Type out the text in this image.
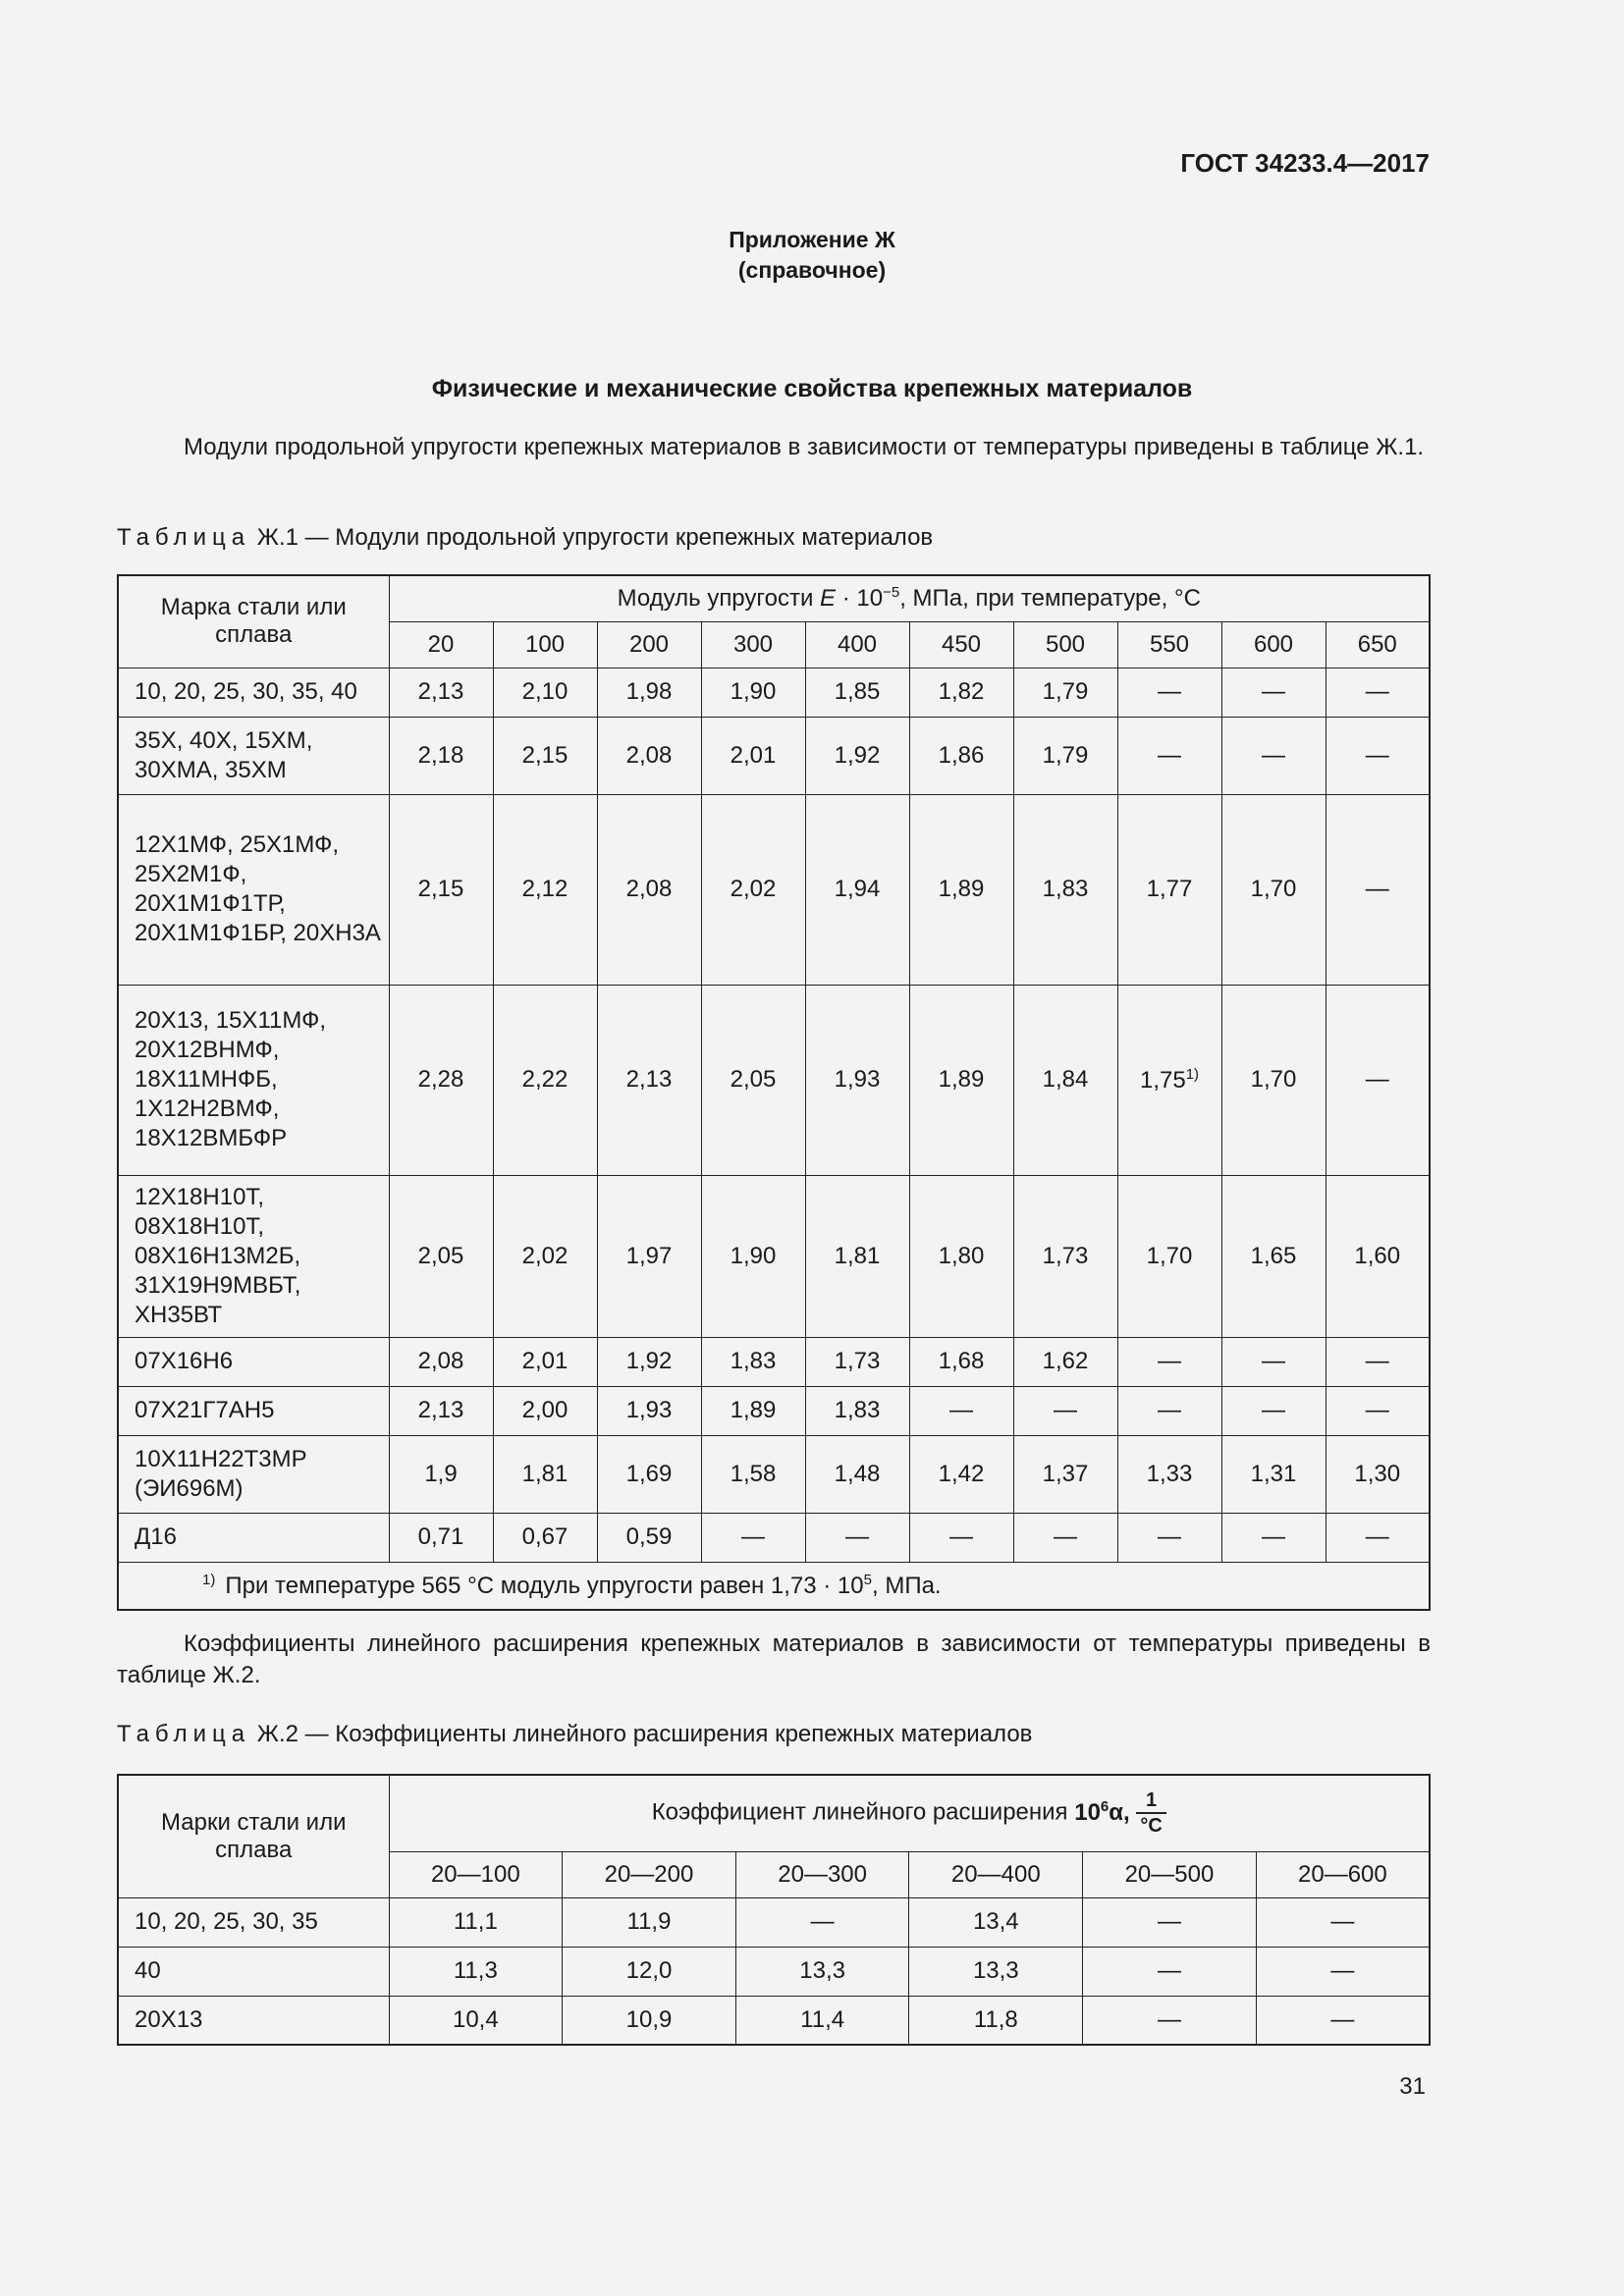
ГОСТ 34233.4—2017
Приложение Ж
(справочное)
Физические и механические свойства крепежных материалов
Модули продольной упругости крепежных материалов в зависимости от температуры приведены в таблице Ж.1.
Таблица Ж.1 — Модули продольной упругости крепежных материалов
Марка стали или сплава	Модуль упругости $E \cdot 10^{-5}$, МПа, при температуре, °С									
	20	100	200	300	400	450	500	550	600	650
10, 20, 25, 30, 35, 40	2,13	2,10	1,98	1,90	1,85	1,82	1,79	—	—	—
35Х, 40Х, 15ХМ, 30ХМА, 35ХМ	2,18	2,15	2,08	2,01	1,92	1,86	1,79	—	—	—
12Х1МФ, 25Х1МФ, 25Х2М1Ф, 20Х1М1Ф1ТР, 20Х1М1Ф1БР, 20ХН3А	2,15	2,12	2,08	2,02	1,94	1,89	1,83	1,77	1,70	—
20Х13, 15Х11МФ, 20Х12ВНМФ, 18Х11МНФБ, 1Х12Н2ВМФ, 18Х12ВМБФР	2,28	2,22	2,13	2,05	1,93	1,89	1,84	1,75$^{1)}$	1,70	—
12Х18Н10Т, 08Х18Н10Т, 08Х16Н13М2Б, 31Х19Н9МВБТ, ХН35ВТ	2,05	2,02	1,97	1,90	1,81	1,80	1,73	1,70	1,65	1,60
07Х16Н6	2,08	2,01	1,92	1,83	1,73	1,68	1,62	—	—	—
07Х21Г7АН5	2,13	2,00	1,93	1,89	1,83	—	—	—	—	—
10Х11Н22Т3МР (ЭИ696М)	1,9	1,81	1,69	1,58	1,48	1,42	1,37	1,33	1,31	1,30
Д16	0,71	0,67	0,59	—	—	—	—	—	—	—
$^{1)}$ При температуре 565 °С модуль упругости равен $1,73 \cdot 10^5$, МПа.										
Коэффициенты линейного расширения крепежных материалов в зависимости от температуры приведены в таблице Ж.2.
Таблица Ж.2 — Коэффициенты линейного расширения крепежных материалов
Марки стали или сплава	Коэффициент линейного расширения $10^6\alpha$, $\frac{1}{^\circ С}$

	20—100	20—200	20—300	20—400	20—500	20—600
10, 20, 25, 30, 35	11,1	11,9	—	13,4	—	—
40	11,3	12,0	13,3	13,3	—	—
20Х13	10,4	10,9	11,4	11,8	—	—
31
